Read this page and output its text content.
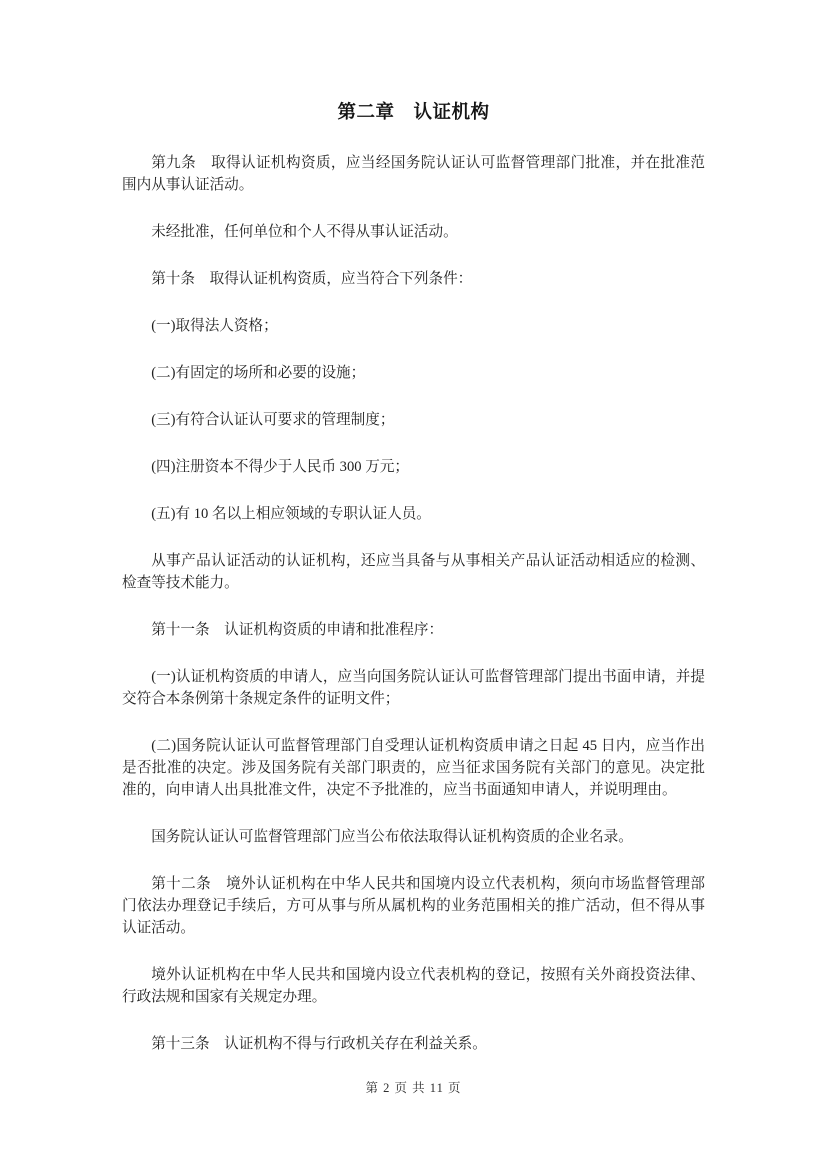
第二章　认证机构

第九条　取得认证机构资质，应当经国务院认证认可监督管理部门批准，并在批准范围内从事认证活动。

未经批准，任何单位和个人不得从事认证活动。

第十条　取得认证机构资质，应当符合下列条件：

(一)取得法人资格；

(二)有固定的场所和必要的设施；

(三)有符合认证认可要求的管理制度；

(四)注册资本不得少于人民币 300 万元；

(五)有 10 名以上相应领域的专职认证人员。

从事产品认证活动的认证机构，还应当具备与从事相关产品认证活动相适应的检测、检查等技术能力。

第十一条　认证机构资质的申请和批准程序：

(一)认证机构资质的申请人，应当向国务院认证认可监督管理部门提出书面申请，并提交符合本条例第十条规定条件的证明文件；

(二)国务院认证认可监督管理部门自受理认证机构资质申请之日起 45 日内，应当作出是否批准的决定。涉及国务院有关部门职责的，应当征求国务院有关部门的意见。决定批准的，向申请人出具批准文件，决定不予批准的，应当书面通知申请人，并说明理由。

国务院认证认可监督管理部门应当公布依法取得认证机构资质的企业名录。

第十二条　境外认证机构在中华人民共和国境内设立代表机构，须向市场监督管理部门依法办理登记手续后，方可从事与所从属机构的业务范围相关的推广活动，但不得从事认证活动。

境外认证机构在中华人民共和国境内设立代表机构的登记，按照有关外商投资法律、行政法规和国家有关规定办理。

第十三条　认证机构不得与行政机关存在利益关系。

第 2 页 共 11 页
